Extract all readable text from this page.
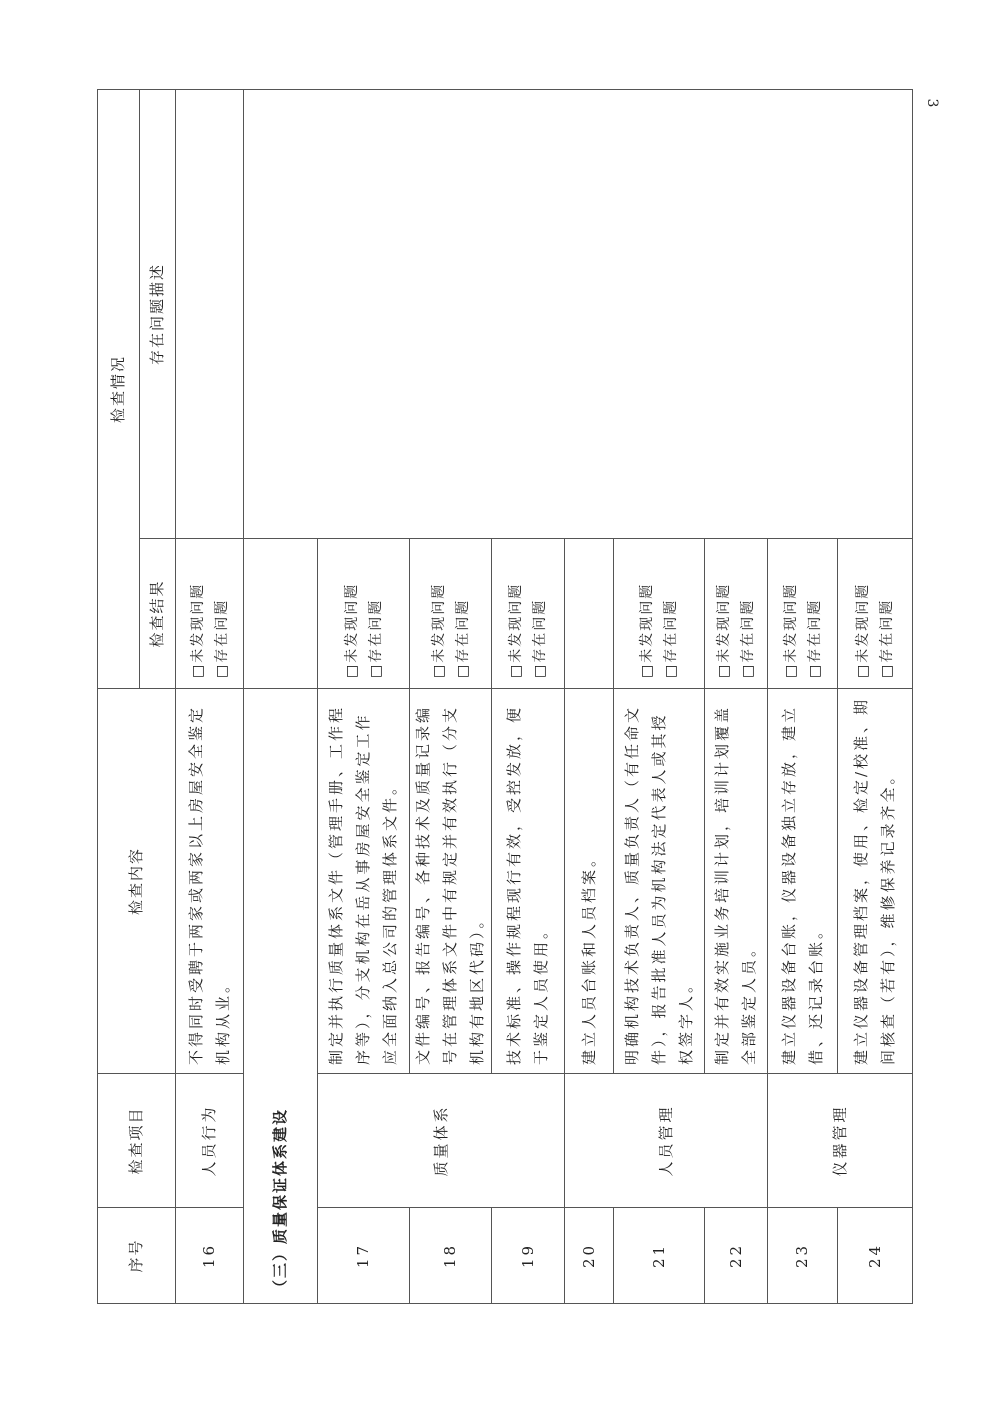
3
序号	检查项目	检查内容	检查情况	
			检查结果	存在问题描述
16	人员行为	不得同时受聘于两家或两家以上房屋安全鉴定机构从业。	□未发现问题
□存在问题	

（三）质量保证体系建设				
17	质量体系	制定并执行质量体系文件（管理手册、工作程序等），分支机构在岳从事房屋安全鉴定工作应全面纳入总公司的管理体系文件。	□未发现问题
□存在问题	

18		文件编号、报告编号、各种技术及质量记录编号在管理体系文件中有规定并有效执行（分支机构有地区代码）。	□未发现问题
□存在问题	

19		技术标准、操作规程现行有效，受控发放，便于鉴定人员使用。	□未发现问题
□存在问题	

20	人员管理	建立人员台账和人员档案。		
21		明确机构技术负责人、质量负责人（有任命文件），报告批准人员为机构法定代表人或其授权签字人。	□未发现问题
□存在问题	

22		制定并有效实施业务培训计划，培训计划覆盖全部鉴定人员。	□未发现问题
□存在问题	

23	仪器管理	建立仪器设备台账，仪器设备独立存放，建立借、还记录台账。	□未发现问题
□存在问题	

24		建立仪器设备管理档案，使用、检定/校准、期间核查（若有），维修保养记录齐全。	□未发现问题
□存在问题	
